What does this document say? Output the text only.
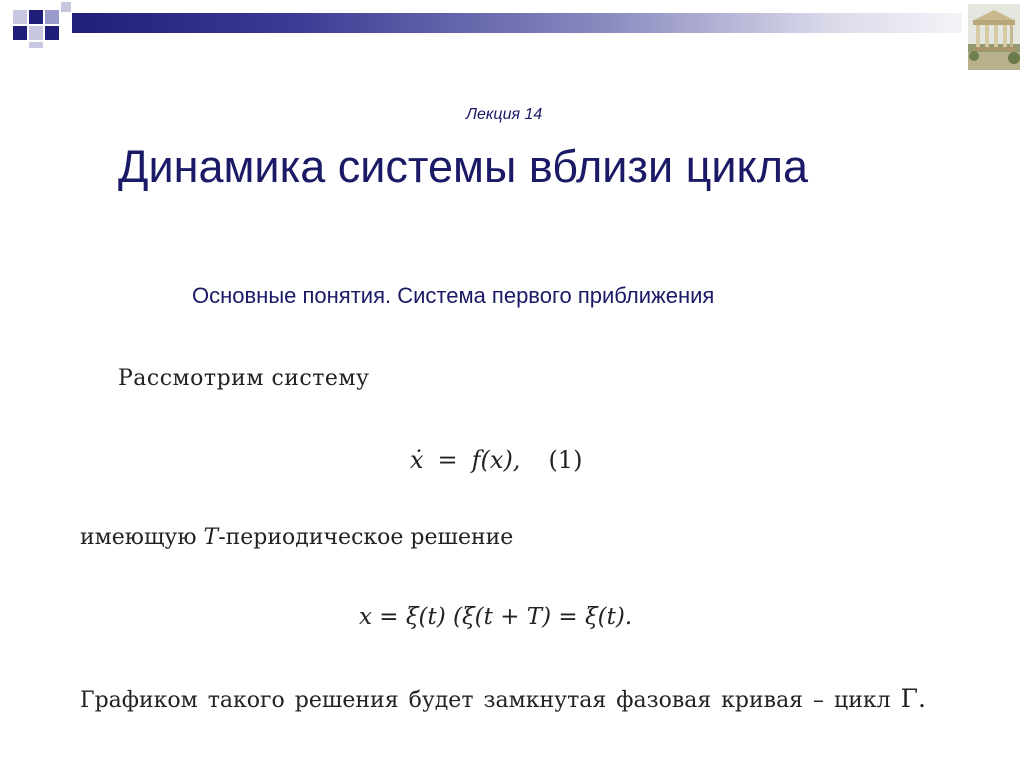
Лекция 14
Динамика системы вблизи цикла
Основные понятия. Система первого приближения
Рассмотрим систему
ẋ = f(x), (1)
имеющую T-периодическое решение
x = ξ(t) (ξ(t + T) = ξ(t).
Графиком такого решения будет замкнутая фазовая кривая – цикл Γ.
